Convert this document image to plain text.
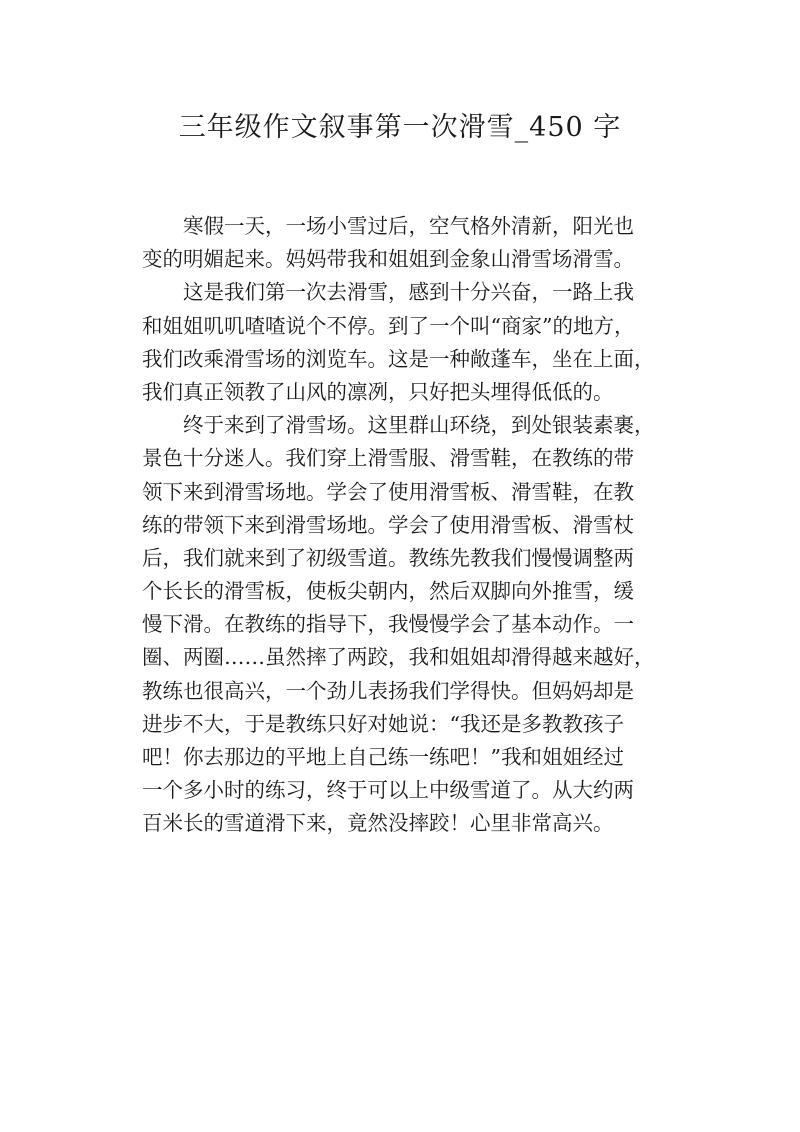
三年级作文叙事第一次滑雪_450 字
寒假一天，一场小雪过后，空气格外清新，阳光也
变的明媚起来。妈妈带我和姐姐到金象山滑雪场滑雪。
这是我们第一次去滑雪，感到十分兴奋，一路上我
和姐姐叽叽喳喳说个不停。到了一个叫“商家”的地方，
我们改乘滑雪场的浏览车。这是一种敞蓬车，坐在上面，
我们真正领教了山风的凛冽，只好把头埋得低低的。
终于来到了滑雪场。这里群山环绕，到处银装素裹，
景色十分迷人。我们穿上滑雪服、滑雪鞋，在教练的带
领下来到滑雪场地。学会了使用滑雪板、滑雪鞋，在教
练的带领下来到滑雪场地。学会了使用滑雪板、滑雪杖
后，我们就来到了初级雪道。教练先教我们慢慢调整两
个长长的滑雪板，使板尖朝内，然后双脚向外推雪，缓
慢下滑。在教练的指导下，我慢慢学会了基本动作。一
圈、两圈……虽然摔了两跤，我和姐姐却滑得越来越好，
教练也很高兴，一个劲儿表扬我们学得快。但妈妈却是
进步不大，于是教练只好对她说：“我还是多教教孩子
吧！你去那边的平地上自己练一练吧！”我和姐姐经过
一个多小时的练习，终于可以上中级雪道了。从大约两
百米长的雪道滑下来，竟然没摔跤！心里非常高兴。
